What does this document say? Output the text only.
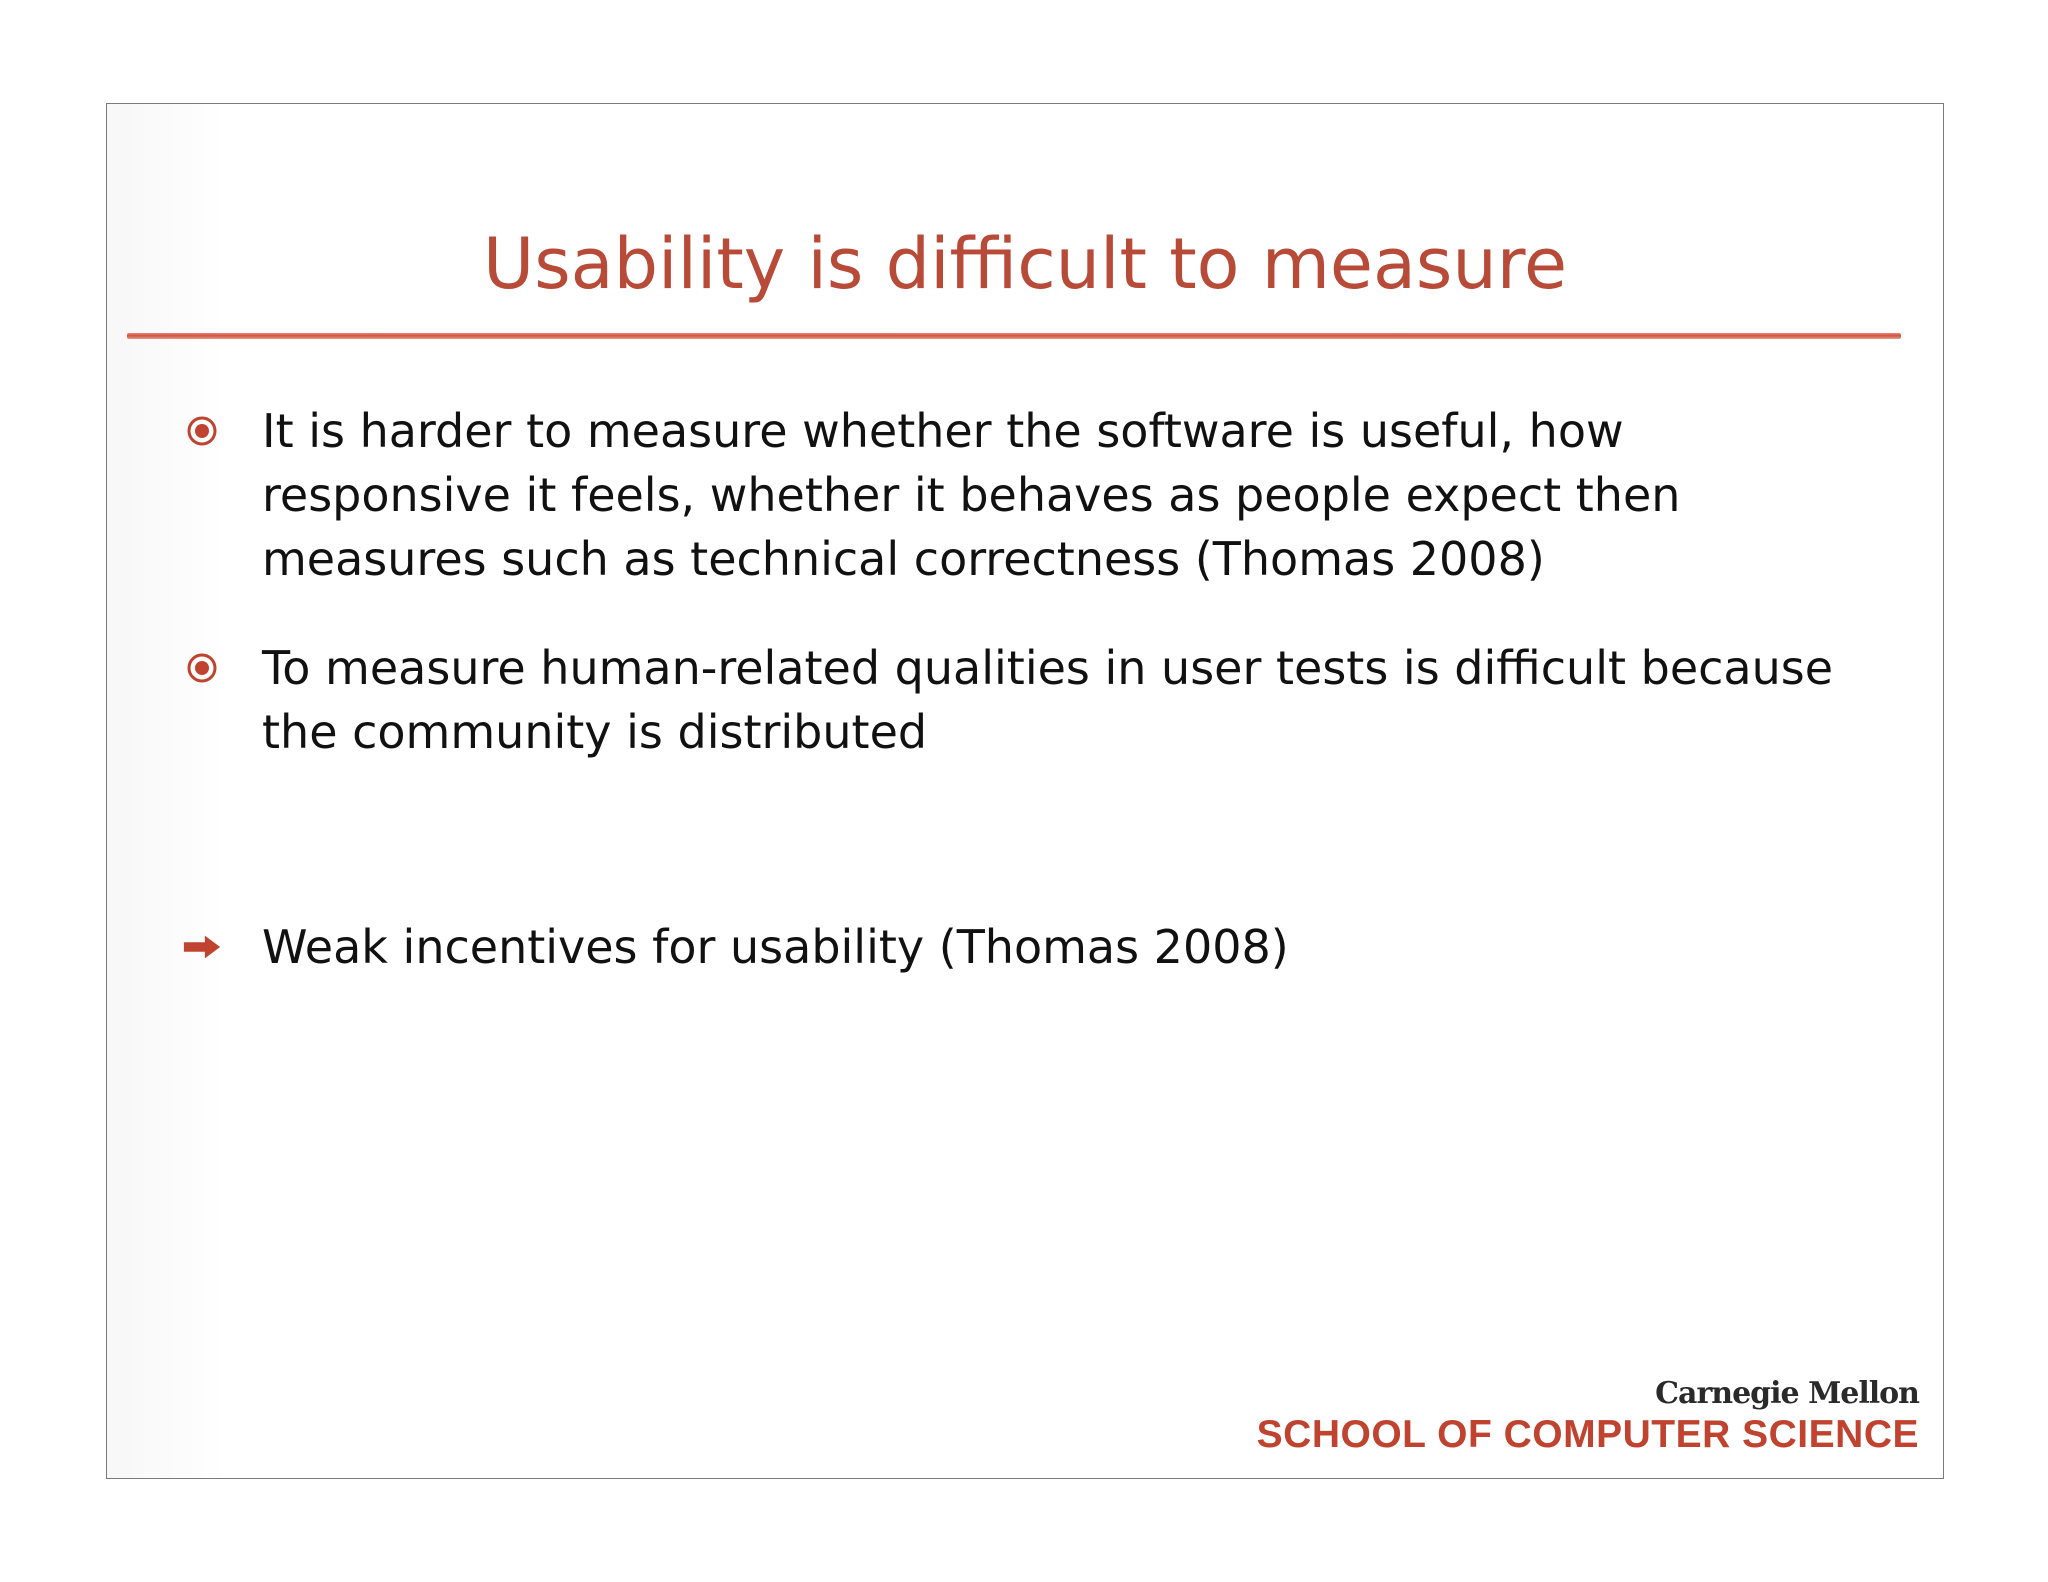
Usability is difficult to measure
It is harder to measure whether the software is useful, how responsive it feels, whether it behaves as people expect then measures such as technical correctness (Thomas 2008)
To measure human-related qualities in user tests is difficult because the community is distributed
Weak incentives for usability (Thomas 2008)
Carnegie Mellon
SCHOOL OF COMPUTER SCIENCE
